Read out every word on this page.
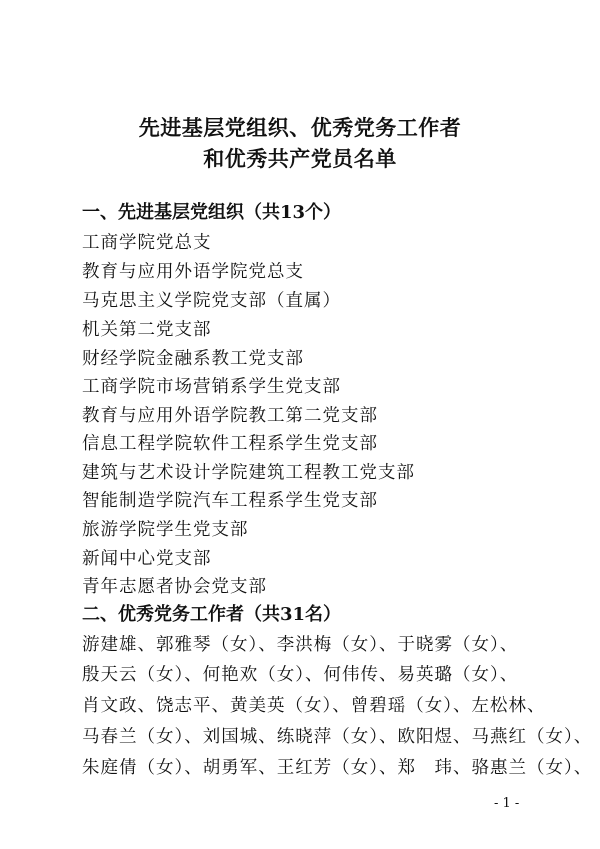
先进基层党组织、优秀党务工作者
和优秀共产党员名单
一、先进基层党组织（共13个）
工商学院党总支
教育与应用外语学院党总支
马克思主义学院党支部（直属）
机关第二党支部
财经学院金融系教工党支部
工商学院市场营销系学生党支部
教育与应用外语学院教工第二党支部
信息工程学院软件工程系学生党支部
建筑与艺术设计学院建筑工程教工党支部
智能制造学院汽车工程系学生党支部
旅游学院学生党支部
新闻中心党支部
青年志愿者协会党支部
二、优秀党务工作者（共31名）
游建雄、郭雅琴（女）、李洪梅（女）、于晓雾（女）、
殷天云（女）、何艳欢（女）、何伟传、易英璐（女）、
肖文政、饶志平、黄美英（女）、曾碧瑶（女）、左松林、
马春兰（女）、刘国城、练晓萍（女）、欧阳煜、马燕红（女）、
朱庭倩（女）、胡勇军、王红芳（女）、郑　玮、骆惠兰（女）、
- 1 -
